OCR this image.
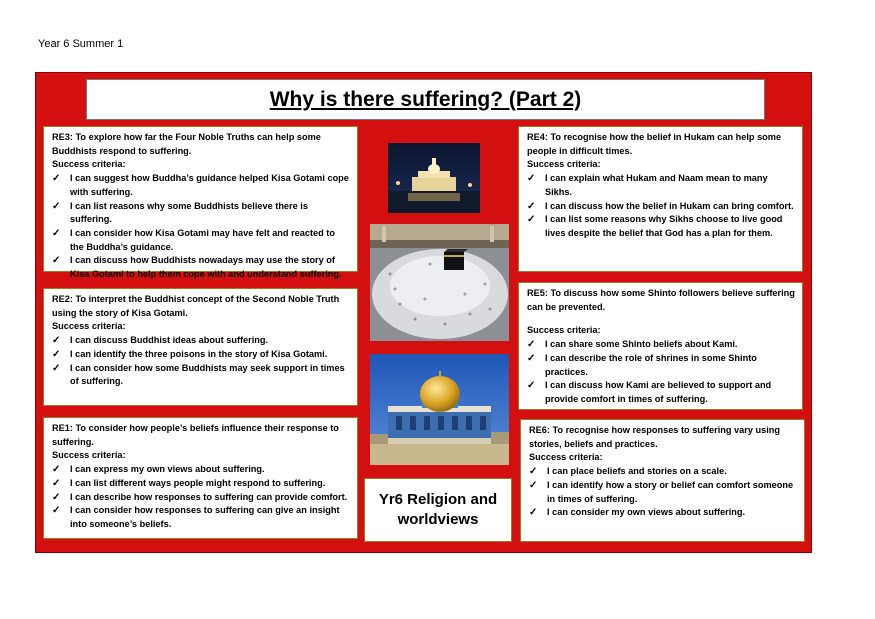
Year 6 Summer 1
Why is there suffering? (Part 2)
RE3: To explore how far the Four Noble Truths can help some Buddhists respond to suffering.
Success criteria:
✓ I can suggest how Buddha’s guidance helped Kisa Gotami cope with suffering.
✓ I can list reasons why some Buddhists believe there is suffering.
✓ I can consider how Kisa Gotami may have felt and reacted to the Buddha’s guidance.
✓ I can discuss how Buddhists nowadays may use the story of Kisa Gotami to help them cope with and understand suffering.
RE2: To interpret the Buddhist concept of the Second Noble Truth using the story of Kisa Gotami.
Success criteria:
✓ I can discuss Buddhist ideas about suffering.
✓ I can identify the three poisons in the story of Kisa Gotami.
✓ I can consider how some Buddhists may seek support in times of suffering.
RE1: To consider how people’s beliefs influence their response to suffering.
Success criteria:
✓ I can express my own views about suffering.
✓ I can list different ways people might respond to suffering.
✓ I can describe how responses to suffering can provide comfort.
✓ I can consider how responses to suffering can give an insight into someone’s beliefs.
RE4: To recognise how the belief in Hukam can help some people in difficult times.
Success criteria:
✓ I can explain what Hukam and Naam mean to many Sikhs.
✓ I can discuss how the belief in Hukam can bring comfort.
✓ I can list some reasons why Sikhs choose to live good lives despite the belief that God has a plan for them.
RE5: To discuss how some Shinto followers believe suffering can be prevented.
Success criteria:
✓ I can share some Shinto beliefs about Kami.
✓ I can describe the role of shrines in some Shinto practices.
✓ I can discuss how Kami are believed to support and provide comfort in times of suffering.
RE6: To recognise how responses to suffering vary using stories, beliefs and practices.
Success criteria:
✓ I can place beliefs and stories on a scale.
✓ I can identify how a story or belief can comfort someone in times of suffering.
✓ I can consider my own views about suffering.
Yr6 Religion and worldviews
